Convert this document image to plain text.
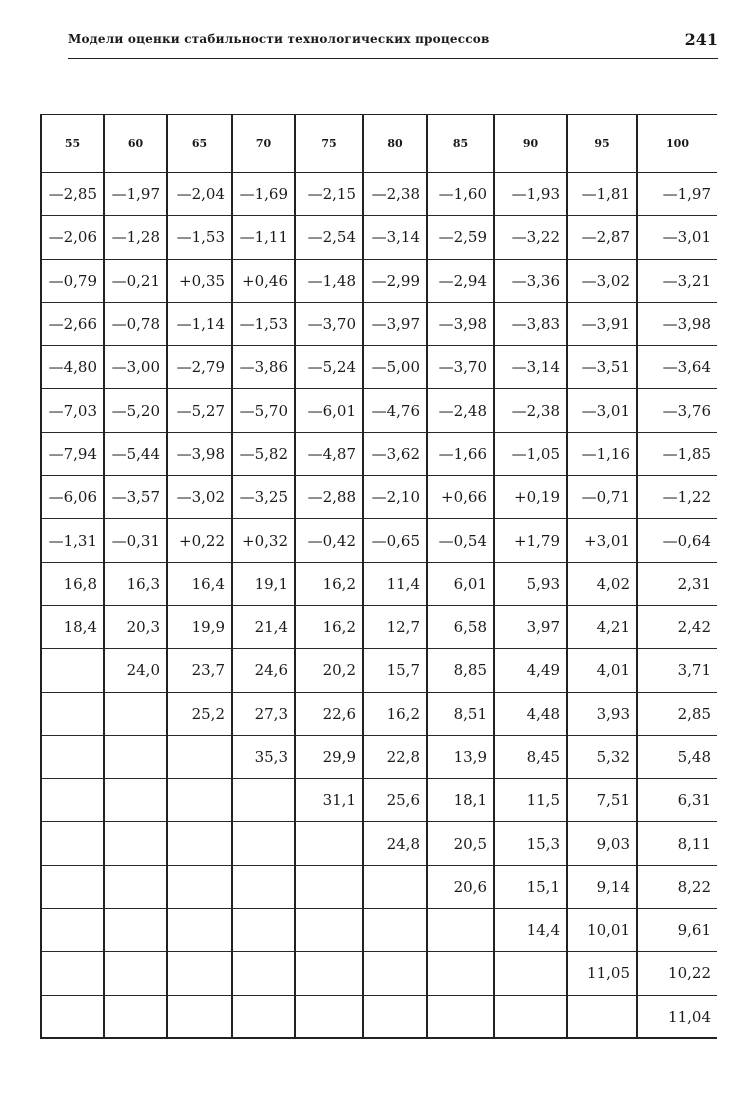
Модели оценки стабильности технологических процессов	241
55	60	65	70	75	80	85	90	95	100
—2,85	—1,97	—2,04	—1,69	—2,15	—2,38	—1,60	—1,93	—1,81	—1,97
—2,06	—1,28	—1,53	—1,11	—2,54	—3,14	—2,59	—3,22	—2,87	—3,01
—0,79	—0,21	+0,35	+0,46	—1,48	—2,99	—2,94	—3,36	—3,02	—3,21
—2,66	—0,78	—1,14	—1,53	—3,70	—3,97	—3,98	—3,83	—3,91	—3,98
—4,80	—3,00	—2,79	—3,86	—5,24	—5,00	—3,70	—3,14	—3,51	—3,64
—7,03	—5,20	—5,27	—5,70	—6,01	—4,76	—2,48	—2,38	—3,01	—3,76
—7,94	—5,44	—3,98	—5,82	—4,87	—3,62	—1,66	—1,05	—1,16	—1,85
—6,06	—3,57	—3,02	—3,25	—2,88	—2,10	+0,66	+0,19	—0,71	—1,22
—1,31	—0,31	+0,22	+0,32	—0,42	—0,65	—0,54	+1,79	+3,01	—0,64
16,8	16,3	16,4	19,1	16,2	11,4	6,01	5,93	4,02	2,31
18,4	20,3	19,9	21,4	16,2	12,7	6,58	3,97	4,21	2,42
	24,0	23,7	24,6	20,2	15,7	8,85	4,49	4,01	3,71
		25,2	27,3	22,6	16,2	8,51	4,48	3,93	2,85
			35,3	29,9	22,8	13,9	8,45	5,32	5,48
				31,1	25,6	18,1	11,5	7,51	6,31
					24,8	20,5	15,3	9,03	8,11
						20,6	15,1	9,14	8,22
							14,4	10,01	9,61
								11,05	10,22
									11,04
